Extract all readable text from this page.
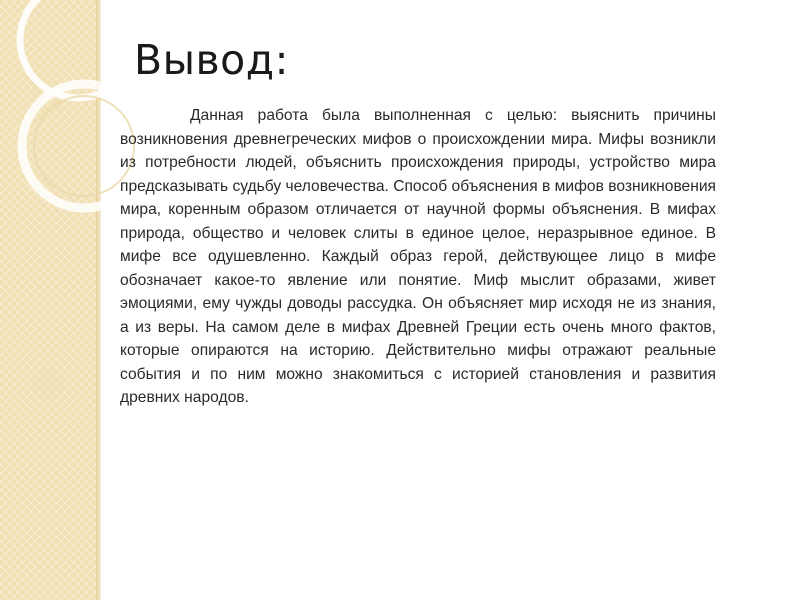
Вывод:

Данная работа была выполненная с целью: выяснить причины возникновения древнегреческих мифов о происхождении мира. Мифы возникли из потребности людей, объяснить происхождения природы, устройство мира предсказывать судьбу человечества. Способ объяснения в мифов возникновения мира, коренным образом отличается от научной формы объяснения. В мифах природа, общество и человек слиты в единое целое, неразрывное единое. В мифе все одушевленно. Каждый образ герой, действующее лицо в мифе обозначает какое-то явление или понятие. Миф мыслит образами, живет эмоциями, ему чужды доводы рассудка. Он объясняет мир исходя не из знания, а из веры. На самом деле в мифах Древней Греции есть очень много фактов, которые опираются на историю. Действительно мифы отражают реальные события и по ним можно знакомиться с историей становления и развития древних народов.
